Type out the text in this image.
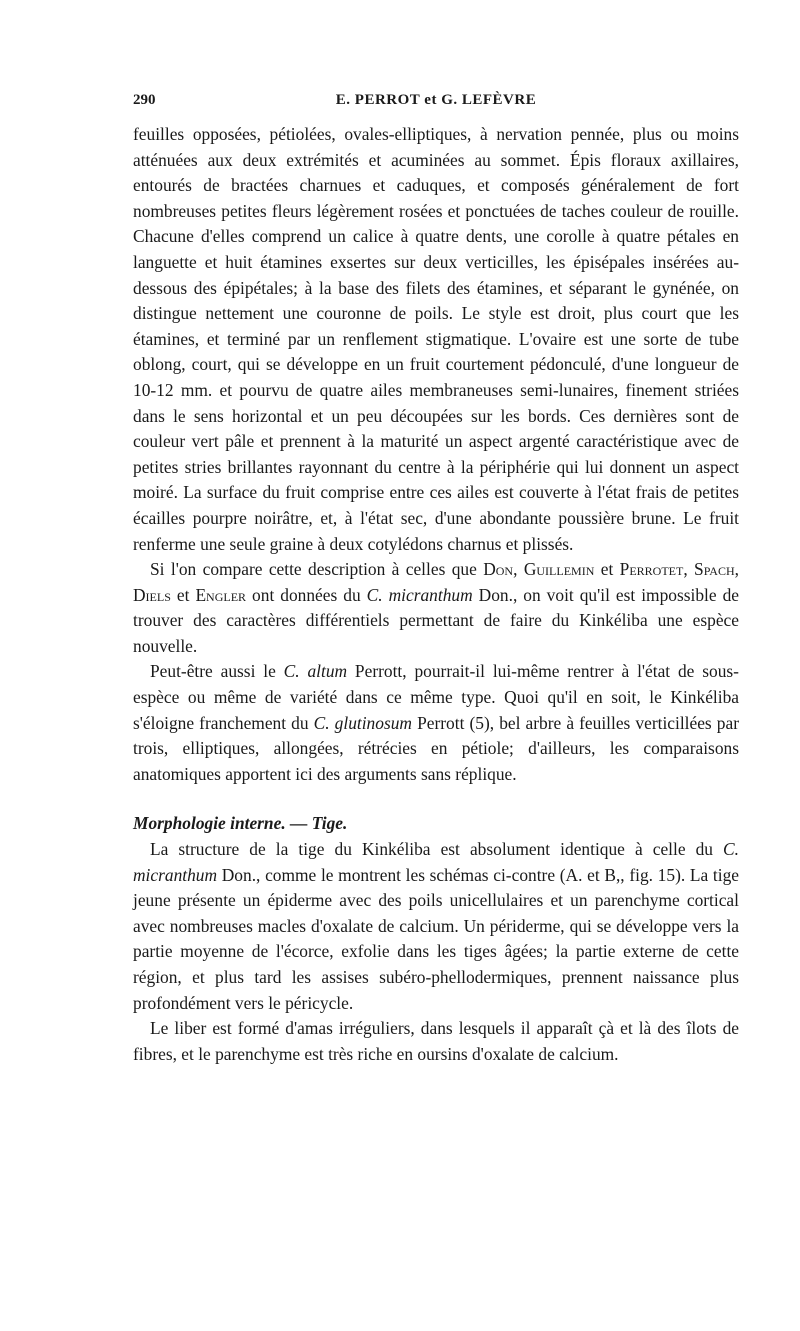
290	E. PERROT et G. LEFÈVRE

feuilles opposées, pétiolées, ovales-elliptiques, à nervation pennée, plus ou moins atténuées aux deux extrémités et acuminées au sommet. Épis floraux axillaires, entourés de bractées charnues et caduques, et composés généralement de fort nombreuses petites fleurs légèrement rosées et ponctuées de taches couleur de rouille. Chacune d'elles comprend un calice à quatre dents, une corolle à quatre pétales en languette et huit étamines exsertes sur deux verticilles, les épisépales insérées au-dessous des épipétales; à la base des filets des étamines, et séparant le gynénée, on distingue nettement une couronne de poils. Le style est droit, plus court que les étamines, et terminé par un renflement stigmatique. L'ovaire est une sorte de tube oblong, court, qui se développe en un fruit courtement pédonculé, d'une longueur de 10-12 mm. et pourvu de quatre ailes membraneuses semi-lunaires, finement striées dans le sens horizontal et un peu découpées sur les bords. Ces dernières sont de couleur vert pâle et prennent à la maturité un aspect argenté caractéristique avec de petites stries brillantes rayonnant du centre à la périphérie qui lui donnent un aspect moiré. La surface du fruit comprise entre ces ailes est couverte à l'état frais de petites écailles pourpre noirâtre, et, à l'état sec, d'une abondante poussière brune. Le fruit renferme une seule graine à deux cotylédons charnus et plissés.

Si l'on compare cette description à celles que Don, Guillemin et Perrotet, Spach, Diels et Engler ont données du C. micranthum Don., on voit qu'il est impossible de trouver des caractères différentiels permettant de faire du Kinkéliba une espèce nouvelle.

Peut-être aussi le C. altum Perrott, pourrait-il lui-même rentrer à l'état de sous-espèce ou même de variété dans ce même type. Quoi qu'il en soit, le Kinkéliba s'éloigne franchement du C. glutinosum Perrott (5), bel arbre à feuilles verticillées par trois, elliptiques, allongées, rétrécies en pétiole; d'ailleurs, les comparaisons anatomiques apportent ici des arguments sans réplique.

Morphologie interne. — Tige.

La structure de la tige du Kinkéliba est absolument identique à celle du C. micranthum Don., comme le montrent les schémas ci-contre (A. et B,, fig. 15). La tige jeune présente un épiderme avec des poils unicellulaires et un parenchyme cortical avec nombreuses macles d'oxalate de calcium. Un périderme, qui se développe vers la partie moyenne de l'écorce, exfolie dans les tiges âgées; la partie externe de cette région, et plus tard les assises subéro-phellodermiques, prennent naissance plus profondément vers le péricycle.

Le liber est formé d'amas irréguliers, dans lesquels il apparaît çà et là des îlots de fibres, et le parenchyme est très riche en oursins d'oxalate de calcium.
